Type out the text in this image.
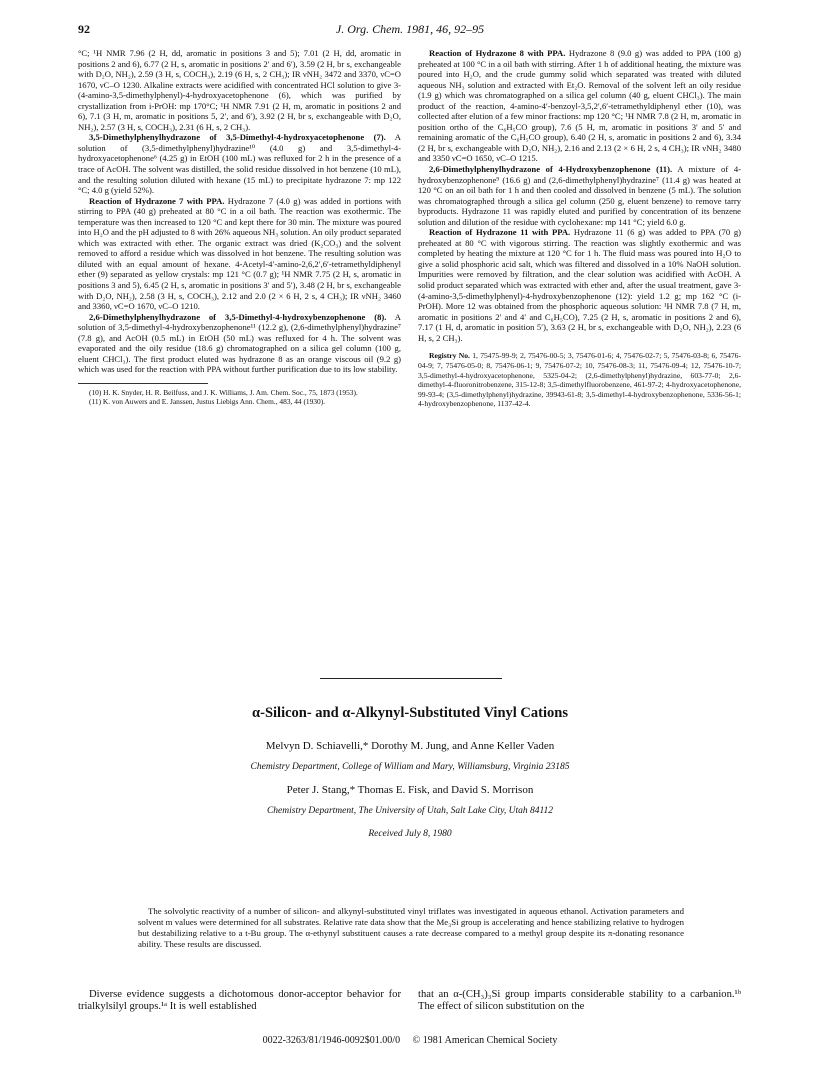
92	J. Org. Chem. 1981, 46, 92–95

°C; ¹H NMR 7.96 (2 H, dd, aromatic in positions 3 and 5); 7.01 (2 H, dd, aromatic in positions 2 and 6), 6.77 (2 H, s, aromatic in positions 2′ and 6′), 3.59 (2 H, br s, exchangeable with D₂O, NH₂), 2.59 (3 H, s, COCH₃), 2.19 (6 H, s, 2 CH₃); IR νNH₂ 3472 and 3370, νC=O 1670, νC–O 1230. Alkaline extracts were acidified with concentrated HCl solution to give 3-(4-amino-3,5-dimethylphenyl)-4-hydroxyacetophenone (6), which was purified by crystallization from i-PrOH: mp 170°C; ¹H NMR 7.91 (2 H, m, aromatic in positions 2 and 6), 7.1 (3 H, m, aromatic in positions 5, 2′, and 6′), 3.92 (2 H, br s, exchangeable with D₂O, NH₂), 2.57 (3 H, s, COCH₃), 2.31 (6 H, s, 2 CH₃).

3,5-Dimethylphenylhydrazone of 3,5-Dimethyl-4-hydroxyacetophenone (7). A solution of (3,5-dimethylphenyl)hydrazine¹⁰ (4.0 g) and 3,5-dimethyl-4-hydroxyacetophenone⁶ (4.25 g) in EtOH (100 mL) was refluxed for 2 h in the presence of a trace of AcOH. The solvent was distilled, the solid residue dissolved in hot benzene (10 mL), and the resulting solution diluted with hexane (15 mL) to precipitate hydrazone 7: mp 122 °C; 4.0 g (yield 52%).

Reaction of Hydrazone 7 with PPA. Hydrazone 7 (4.0 g) was added in portions with stirring to PPA (40 g) preheated at 80 °C in a oil bath. The reaction was exothermic. The temperature was then increased to 120 °C and kept there for 30 min. The mixture was poured into H₂O and the pH adjusted to 8 with 26% aqueous NH₃ solution. An oily product separated which was extracted with ether. The organic extract was dried (K₂CO₃) and the solvent removed to afford a residue which was dissolved in hot benzene. The resulting solution was diluted with an equal amount of hexane. 4-Acetyl-4′-amino-2,6,2′,6′-tetramethyldiphenyl ether (9) separated as yellow crystals: mp 121 °C (0.7 g); ¹H NMR 7.75 (2 H, s, aromatic in positions 3 and 5), 6.45 (2 H, s, aromatic in positions 3′ and 5′), 3.48 (2 H, br s, exchangeable with D₂O, NH₂), 2.58 (3 H, s, COCH₃), 2.12 and 2.0 (2 × 6 H, 2 s, 4 CH₃); IR νNH₂ 3460 and 3360, νC=O 1670, νC–O 1210.

2,6-Dimethylphenylhydrazone of 3,5-Dimethyl-4-hydroxybenzophenone (8). A solution of 3,5-dimethyl-4-hydroxybenzophenone¹¹ (12.2 g), (2,6-dimethylphenyl)hydrazine⁷ (7.8 g), and AcOH (0.5 mL) in EtOH (50 mL) was refluxed for 4 h. The solvent was evaporated and the oily residue (18.6 g) chromatographed on a silica gel column (100 g, eluent CHCl₃). The first product eluted was hydrazone 8 as an orange viscous oil (9.2 g) which was used for the reaction with PPA without further purification due to its low stability.

(10) H. K. Snyder, H. R. Beilfuss, and J. K. Williams, J. Am. Chem. Soc., 75, 1873 (1953).

(11) K. von Auwers and E. Janssen, Justus Liebigs Ann. Chem., 483, 44 (1930).

Reaction of Hydrazone 8 with PPA. Hydrazone 8 (9.0 g) was added to PPA (100 g) preheated at 100 °C in a oil bath with stirring. After 1 h of additional heating, the mixture was poured into H₂O, and the crude gummy solid which separated was treated with diluted aqueous NH₃ solution and extracted with Et₂O. Removal of the solvent left an oily residue (1.9 g) which was chromatographed on a silica gel column (40 g, eluent CHCl₃). The main product of the reaction, 4-amino-4′-benzoyl-3,5,2′,6′-tetramethyldiphenyl ether (10), was collected after elution of a few minor fractions: mp 120 °C; ¹H NMR 7.8 (2 H, m, aromatic in position ortho of the C₆H₅CO group), 7.6 (5 H, m, aromatic in positions 3′ and 5′ and remaining aromatic of the C₆H₅CO group), 6.40 (2 H, s, aromatic in positions 2 and 6), 3.34 (2 H, br s, exchangeable with D₂O, NH₂), 2.16 and 2.13 (2 × 6 H, 2 s, 4 CH₃); IR νNH₂ 3480 and 3350 νC=O 1650, νC–O 1215.

2,6-Dimethylphenylhydrazone of 4-Hydroxybenzophenone (11). A mixture of 4-hydroxybenzophenone⁹ (16.6 g) and (2,6-dimethylphenyl)hydrazine⁷ (11.4 g) was heated at 120 °C on an oil bath for 1 h and then cooled and dissolved in benzene (5 mL). The solution was chromatographed through a silica gel column (250 g, eluent benzene) to remove tarry byproducts. Hydrazone 11 was rapidly eluted and purified by concentration of its benzene solution and dilution of the residue with cyclohexane: mp 141 °C; yield 6.0 g.

Reaction of Hydrazone 11 with PPA. Hydrazone 11 (6 g) was added to PPA (70 g) preheated at 80 °C with vigorous stirring. The reaction was slightly exothermic and was completed by heating the mixture at 120 °C for 1 h. The fluid mass was poured into H₂O to give a solid phosphoric acid salt, which was filtered and dissolved in a 10% NaOH solution. Impurities were removed by filtration, and the clear solution was acidified with AcOH. A solid product separated which was extracted with ether and, after the usual treatment, gave 3-(4-amino-3,5-dimethylphenyl)-4-hydroxybenzophenone (12): yield 1.2 g; mp 162 °C (i-PrOH). More 12 was obtained from the phosphoric aqueous solution: ¹H NMR 7.8 (7 H, m, aromatic in positions 2′ and 4′ and C₆H₅CO), 7.25 (2 H, s, aromatic in positions 2 and 6), 7.17 (1 H, d, aromatic in position 5′), 3.63 (2 H, br s, exchangeable with D₂O, NH₂), 2.23 (6 H, s, 2 CH₃).

Registry No. 1, 75475-99-9; 2, 75476-00-5; 3, 75476-01-6; 4, 75476-02-7; 5, 75476-03-8; 6, 75476-04-9; 7, 75476-05-0; 8, 75476-06-1; 9, 75476-07-2; 10, 75476-08-3; 11, 75476-09-4; 12, 75476-10-7; 3,5-dimethyl-4-hydroxyacetophenone, 5325-04-2; (2,6-dimethylphenyl)hydrazine, 603-77-0; 2,6-dimethyl-4-fluoronitrobenzene, 315-12-8; 3,5-dimethylfluorobenzene, 461-97-2; 4-hydroxyacetophenone, 99-93-4; (3,5-dimethylphenyl)hydrazine, 39943-61-8; 3,5-dimethyl-4-hydroxybenzophenone, 5336-56-1; 4-hydroxybenzophenone, 1137-42-4.

α-Silicon- and α-Alkynyl-Substituted Vinyl Cations
Melvyn D. Schiavelli,* Dorothy M. Jung, and Anne Keller Vaden
Chemistry Department, College of William and Mary, Williamsburg, Virginia 23185
Peter J. Stang,* Thomas E. Fisk, and David S. Morrison
Chemistry Department, The University of Utah, Salt Lake City, Utah 84112
Received July 8, 1980
The solvolytic reactivity of a number of silicon- and alkynyl-substituted vinyl triflates was investigated in aqueous ethanol. Activation parameters and solvent m values were determined for all substrates. Relative rate data show that the Me₃Si group is accelerating and hence stabilizing relative to hydrogen but destabilizing relative to a t-Bu group. The α-ethynyl substituent causes a rate decrease compared to a methyl group despite its π-donating resonance ability. These results are discussed.
Diverse evidence suggests a dichotomous donor-acceptor behavior for trialkylsilyl groups.¹ᵃ It is well established
that an α-(CH₃)₃Si group imparts considerable stability to a carbanion.¹ᵇ The effect of silicon substitution on the
0022-3263/81/1946-0092$01.00/0 © 1981 American Chemical Society
